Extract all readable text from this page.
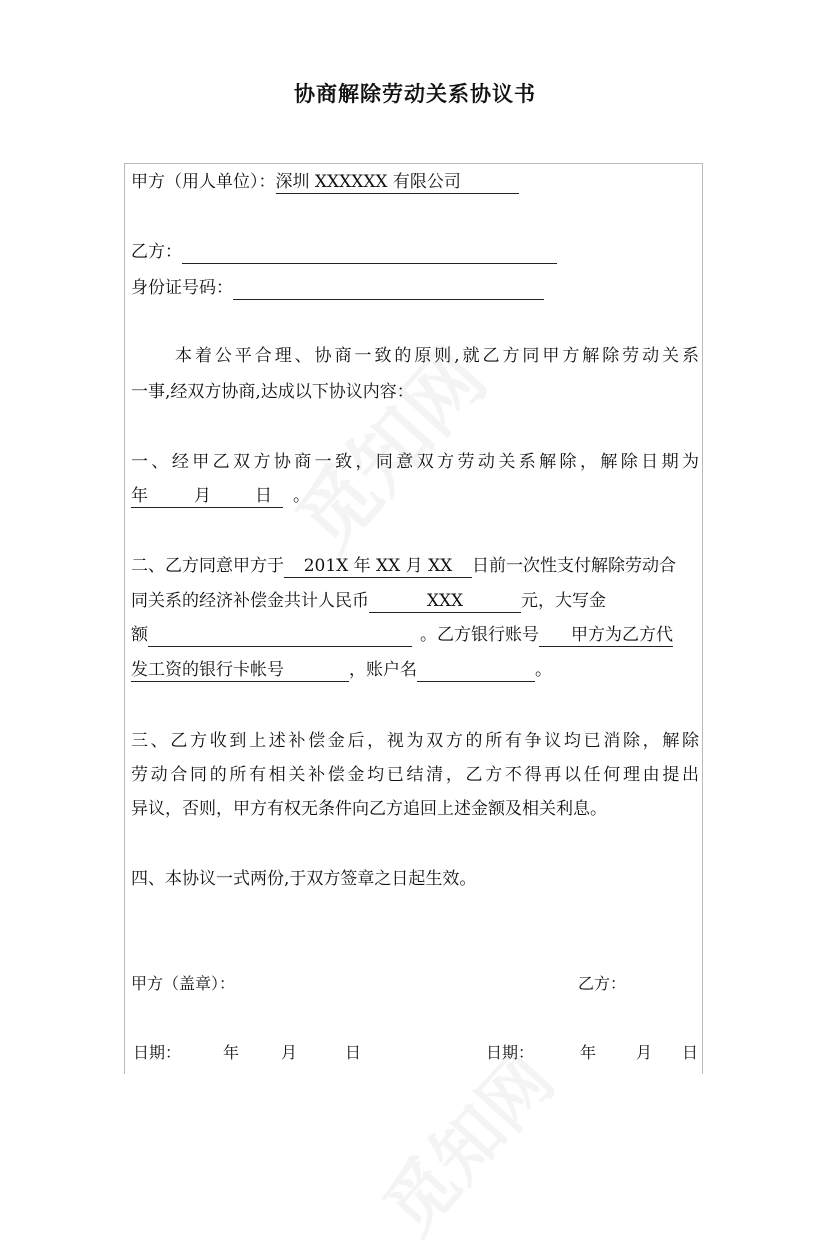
协商解除劳动关系协议书
甲方（用人单位）：深圳 XXXXXX 有限公司
乙方：
身份证号码：
本着公平合理、协商一致的原则,就乙方同甲方解除劳动关系
一事,经双方协商,达成以下协议内容：
一、经甲乙双方协商一致，同意双方劳动关系解除，解除日期为
年	月	日 。
二、乙方同意甲方于 201X 年 XX 月 XX 日前一次性支付解除劳动合
同关系的经济补偿金共计人民币	XXX	元，大写金
额	。乙方银行账号 甲方为乙方代
发工资的银行卡帐号	，账户名	。
三、乙方收到上述补偿金后，视为双方的所有争议均已消除，解除
劳动合同的所有相关补偿金均已结清，乙方不得再以任何理由提出
异议，否则，甲方有权无条件向乙方追回上述金额及相关利息。
四、本协议一式两份,于双方签章之日起生效。
甲方（盖章）：	乙方：
日期：	年	月	日	日期：	年	月 日
